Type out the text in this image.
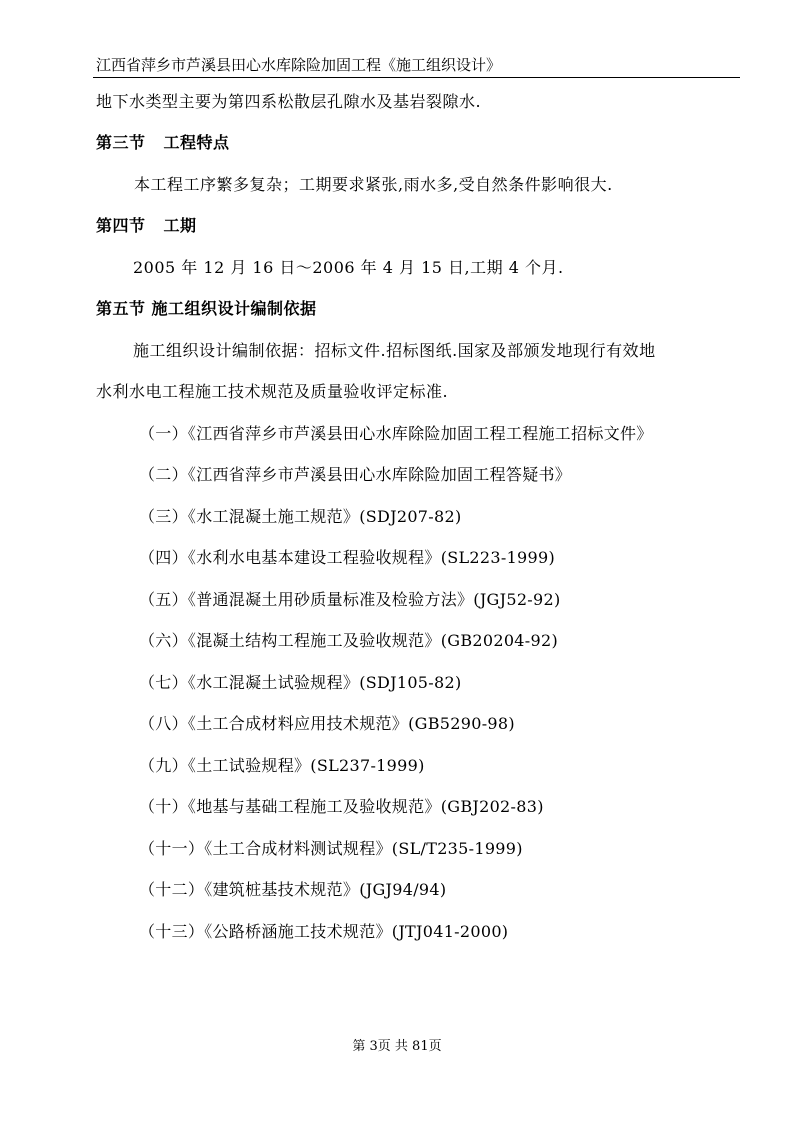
江西省萍乡市芦溪县田心水库除险加固工程《施工组织设计》
地下水类型主要为第四系松散层孔隙水及基岩裂隙水.
第三节 工程特点
本工程工序繁多复杂；工期要求紧张,雨水多,受自然条件影响很大.
第四节 工期
2005 年 12 月 16 日～2006 年 4 月 15 日,工期 4 个月.
第五节 施工组织设计编制依据
施工组织设计编制依据：招标文件.招标图纸.国家及部颁发地现行有效地
水利水电工程施工技术规范及质量验收评定标准.
（一）《江西省萍乡市芦溪县田心水库除险加固工程工程施工招标文件》
（二）《江西省萍乡市芦溪县田心水库除险加固工程答疑书》
（三）《水工混凝土施工规范》(SDJ207-82)
（四）《水利水电基本建设工程验收规程》(SL223-1999)
（五）《普通混凝土用砂质量标准及检验方法》(JGJ52-92)
（六）《混凝土结构工程施工及验收规范》(GB20204-92)
（七）《水工混凝土试验规程》(SDJ105-82)
（八）《土工合成材料应用技术规范》(GB5290-98)
（九）《土工试验规程》(SL237-1999)
（十）《地基与基础工程施工及验收规范》(GBJ202-83)
（十一）《土工合成材料测试规程》(SL/T235-1999)
（十二）《建筑桩基技术规范》(JGJ94/94)
（十三）《公路桥涵施工技术规范》(JTJ041-2000)
第 3页 共 81页
